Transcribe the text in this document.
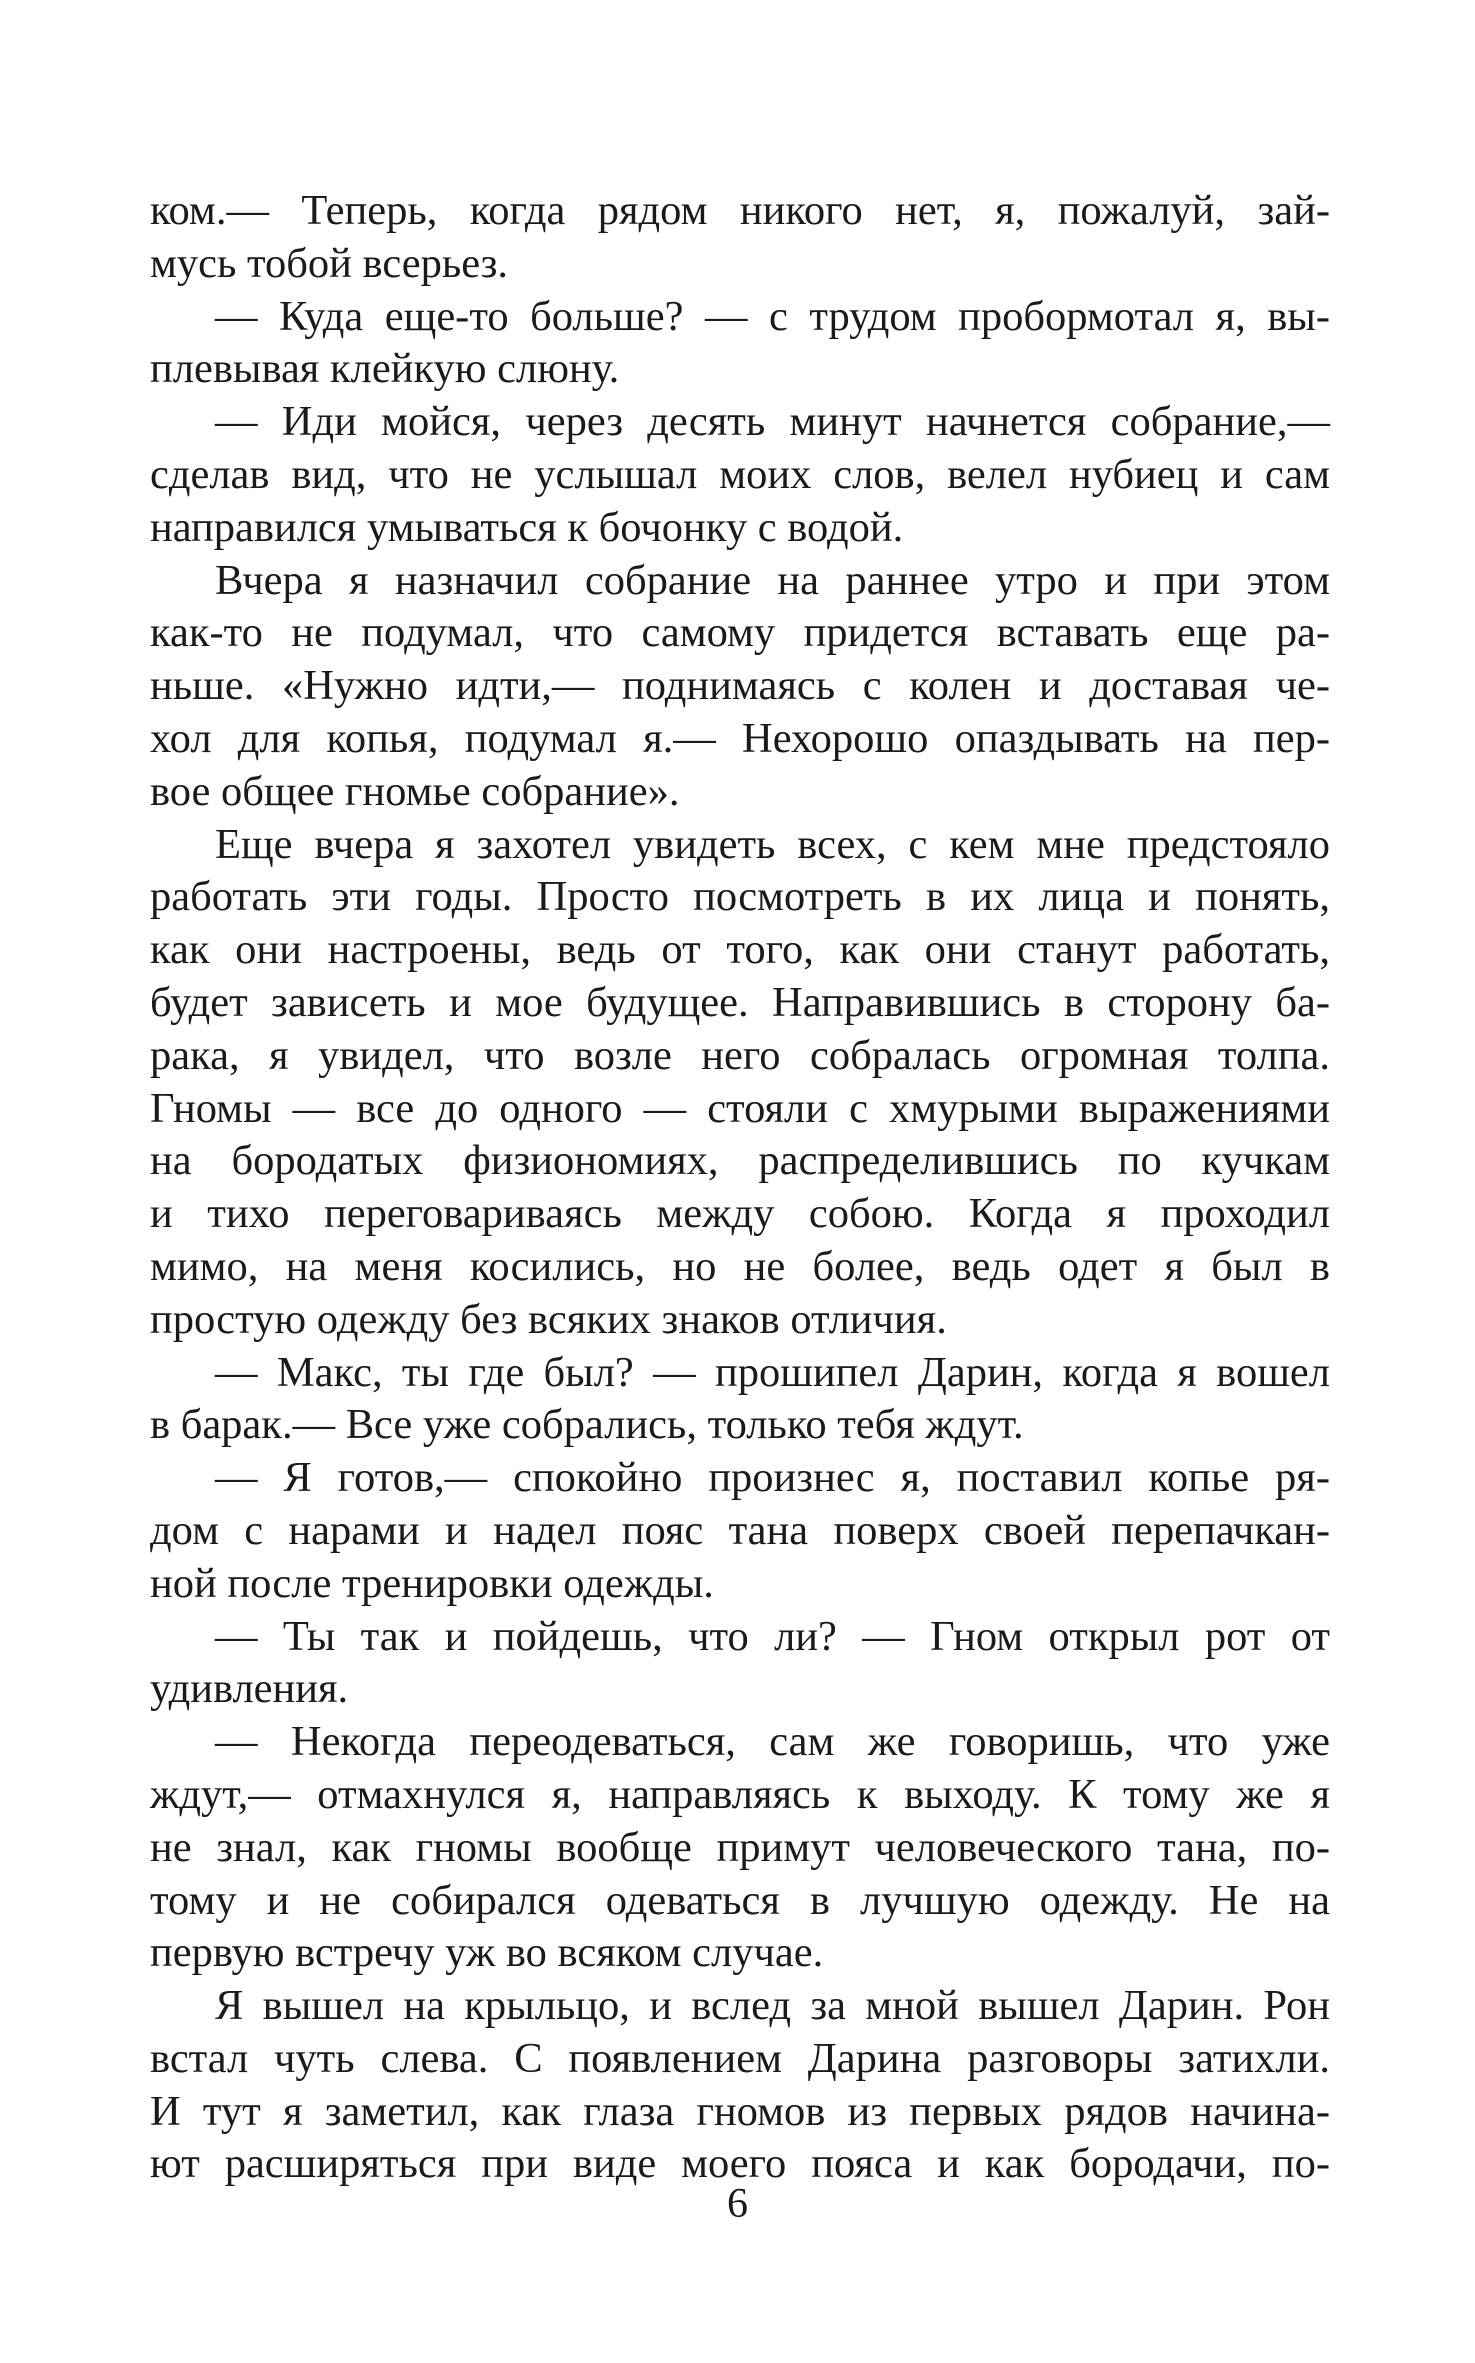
ком.— Теперь, когда рядом никого нет, я, пожалуй, зай-
мусь тобой всерьез.
— Куда еще-то больше? — с трудом пробормотал я, вы-
плевывая клейкую слюну.
— Иди мойся, через десять минут начнется собрание,—
сделав вид, что не услышал моих слов, велел нубиец и сам
направился умываться к бочонку с водой.
Вчера я назначил собрание на раннее утро и при этом
как-то не подумал, что самому придется вставать еще ра-
ньше. «Нужно идти,— поднимаясь с колен и доставая че-
хол для копья, подумал я.— Нехорошо опаздывать на пер-
вое общее гномье собрание».
Еще вчера я захотел увидеть всех, с кем мне предстояло
работать эти годы. Просто посмотреть в их лица и понять,
как они настроены, ведь от того, как они станут работать,
будет зависеть и мое будущее. Направившись в сторону ба-
рака, я увидел, что возле него собралась огромная толпа.
Гномы — все до одного — стояли с хмурыми выражениями
на бородатых физиономиях, распределившись по кучкам
и тихо переговариваясь между собою. Когда я проходил
мимо, на меня косились, но не более, ведь одет я был в
простую одежду без всяких знаков отличия.
— Макс, ты где был? — прошипел Дарин, когда я вошел
в барак.— Все уже собрались, только тебя ждут.
— Я готов,— спокойно произнес я, поставил копье ря-
дом с нарами и надел пояс тана поверх своей перепачкан-
ной после тренировки одежды.
— Ты так и пойдешь, что ли? — Гном открыл рот от
удивления.
— Некогда переодеваться, сам же говоришь, что уже
ждут,— отмахнулся я, направляясь к выходу. К тому же я
не знал, как гномы вообще примут человеческого тана, по-
тому и не собирался одеваться в лучшую одежду. Не на
первую встречу уж во всяком случае.
Я вышел на крыльцо, и вслед за мной вышел Дарин. Рон
встал чуть слева. С появлением Дарина разговоры затихли.
И тут я заметил, как глаза гномов из первых рядов начина-
ют расширяться при виде моего пояса и как бородачи, по-
6
